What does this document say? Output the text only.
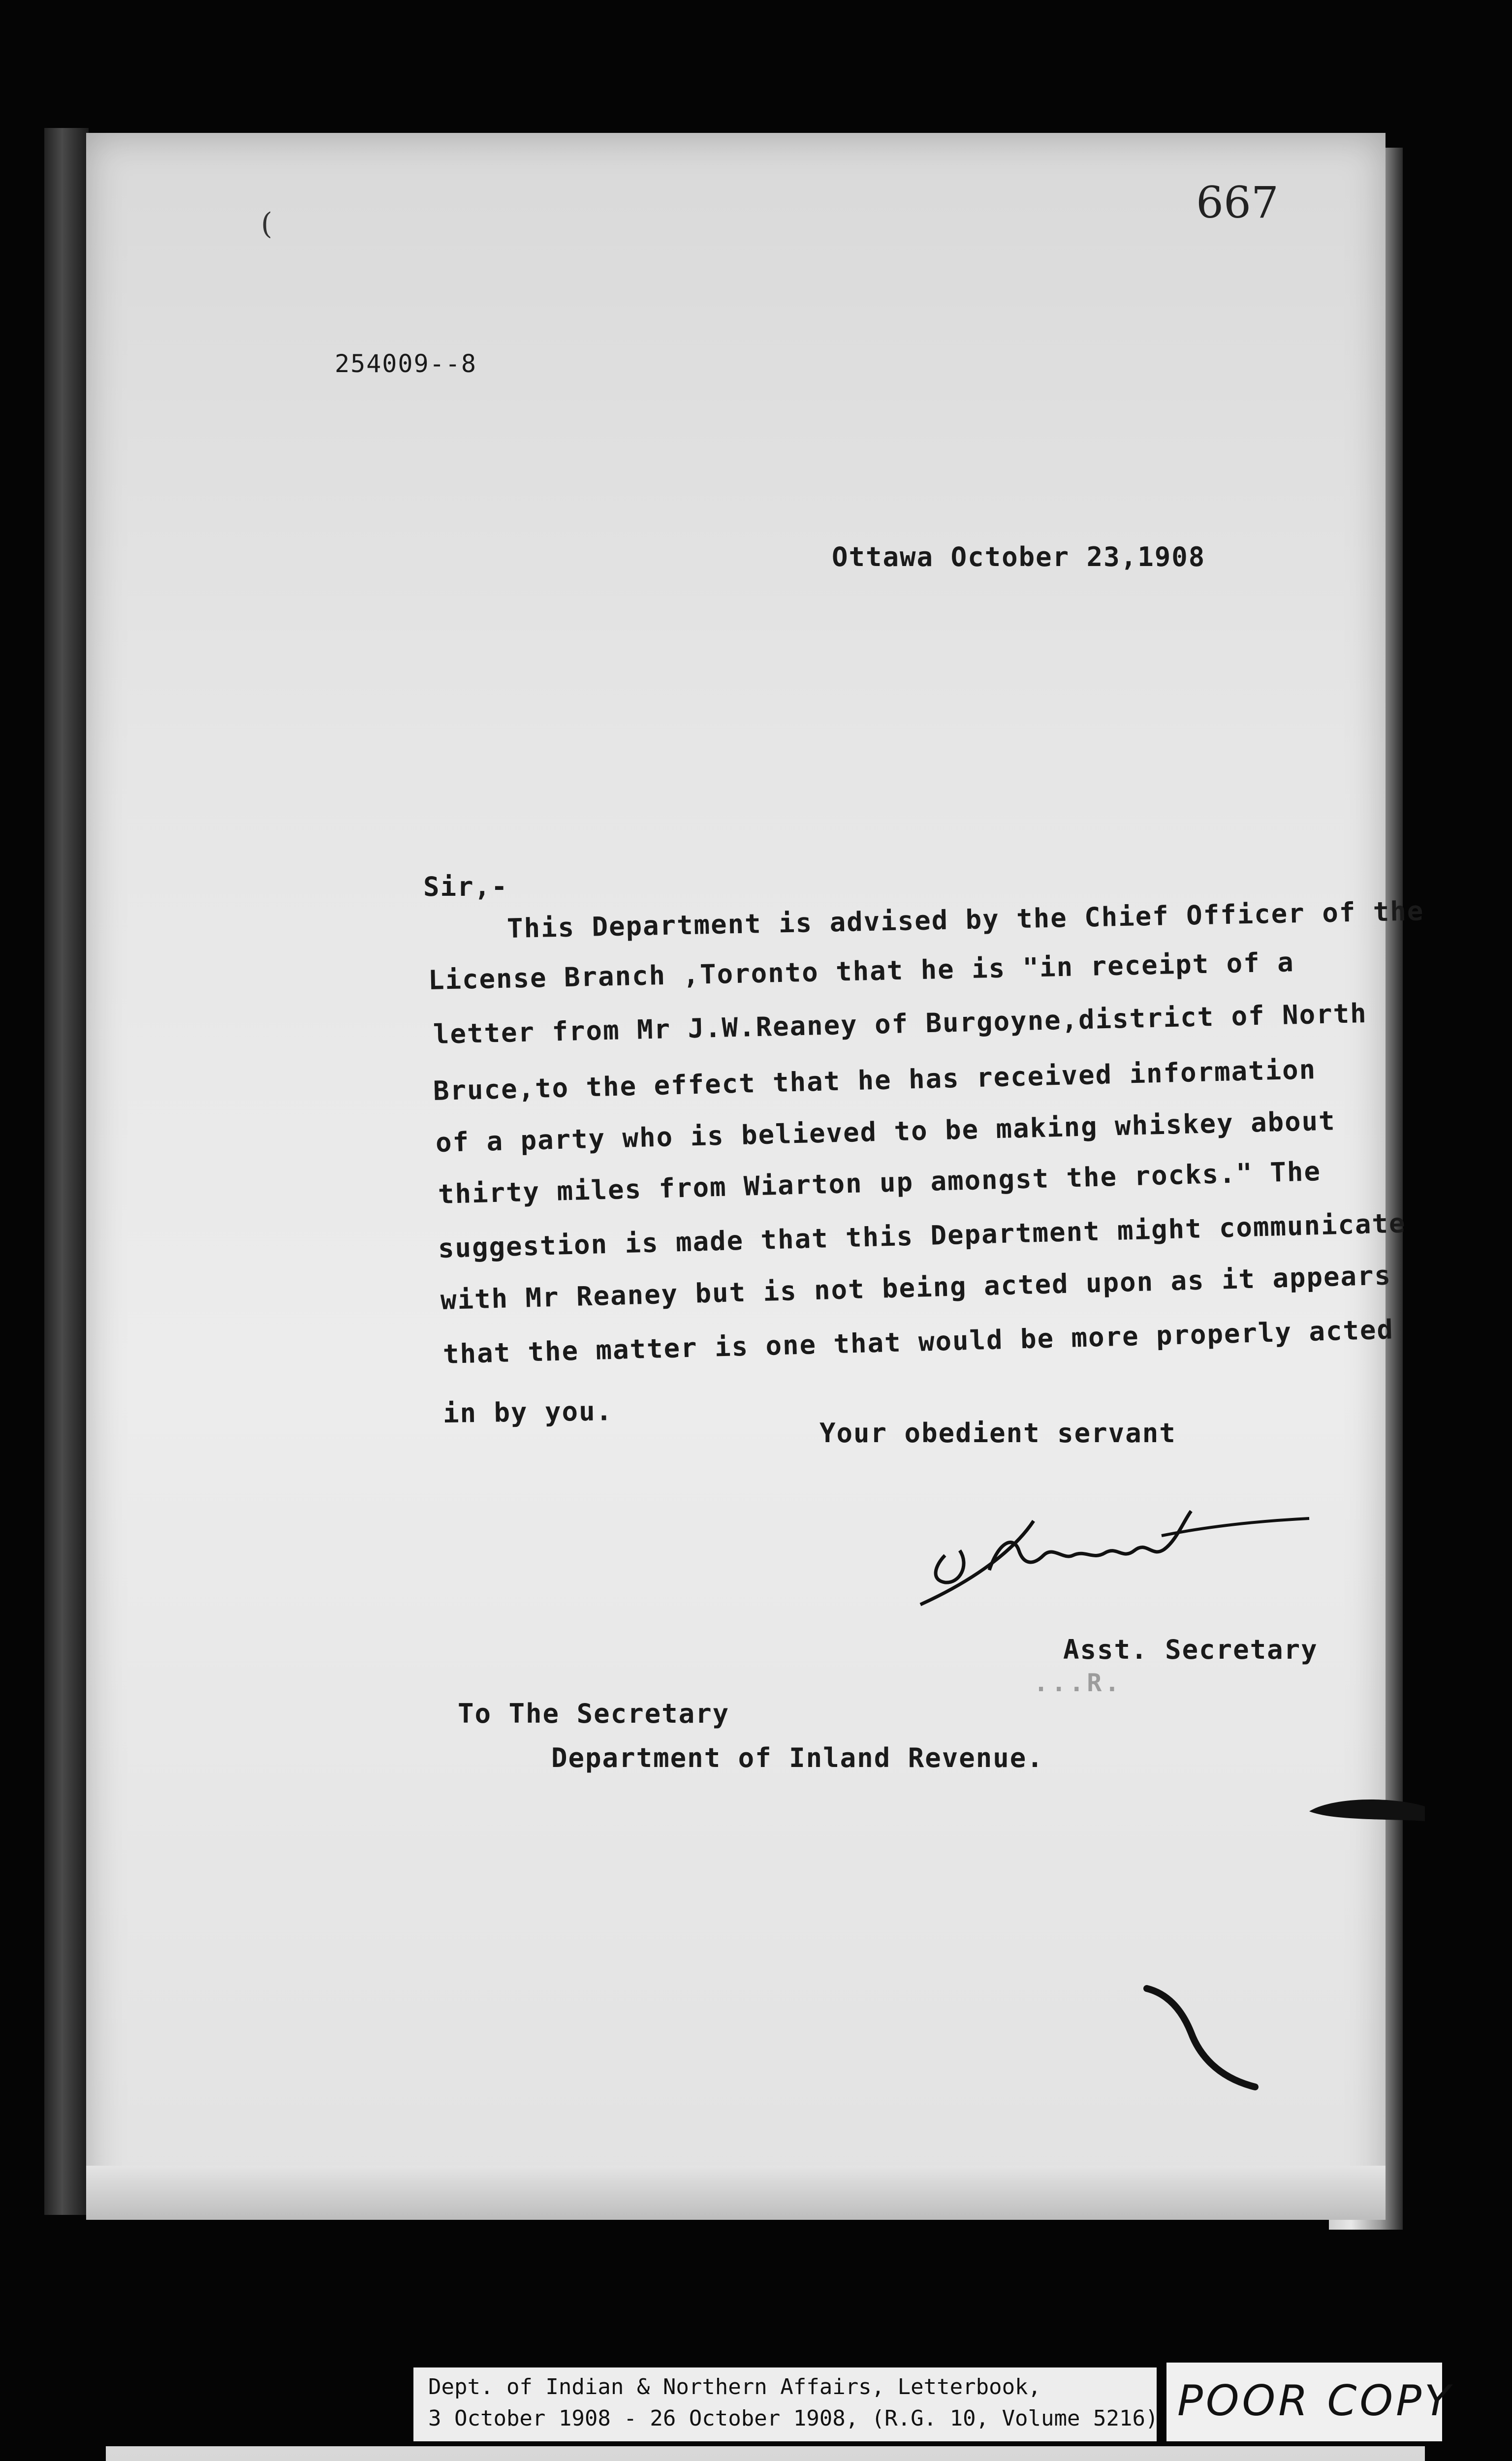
(	667
254009--8
Ottawa October 23,1908
Sir,-
This Department is advised by the Chief Officer of the
License Branch ,Toronto that he is "in receipt of a
letter from Mr J.W.Reaney of Burgoyne,district of North
Bruce,to the effect that he has received information
of a party who is believed to be making whiskey about
thirty miles from Wiarton up amongst the rocks." The
suggestion is made that this Department might communicate
with Mr Reaney but is not being acted upon as it appears
that the matter is one that would be more properly acted
in by you.
Your obedient servant
Asst. Secretary
...R.
To The Secretary
Department of Inland Revenue.
Dept. of Indian & Northern Affairs, Letterbook,
3 October 1908 - 26 October 1908, (R.G. 10, Volume 5216) POOR COPY
